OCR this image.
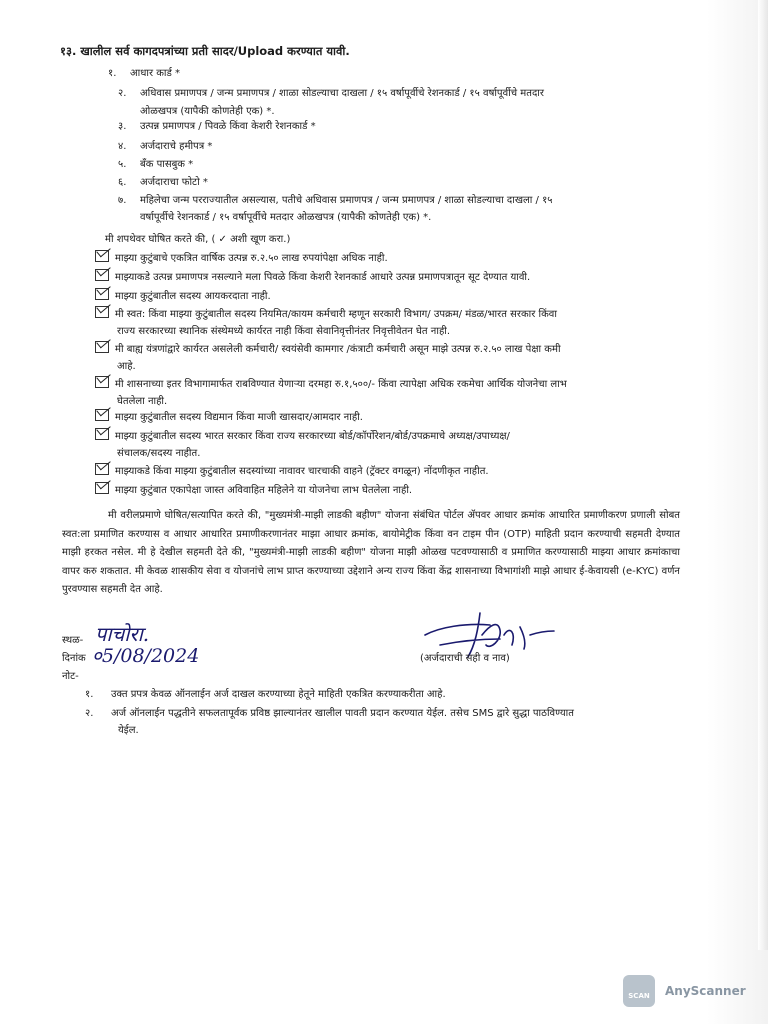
१३. खालील सर्व कागदपत्रांच्या प्रती सादर/Upload करण्यात यावी.
१. आधार कार्ड *
२. अधिवास प्रमाणपत्र / जन्म प्रमाणपत्र / शाळा सोडल्याचा दाखला / १५ वर्षापूर्वीचे रेशनकार्ड / १५ वर्षापूर्वीचे मतदार
ओळखपत्र (यापैकी कोणतेही एक) *.
३. उत्पन्न प्रमाणपत्र / पिवळे किंवा केशरी रेशनकार्ड *
४. अर्जदाराचे हमीपत्र *
५. बँक पासबुक *
६. अर्जदाराचा फोटो *
७. महिलेचा जन्म परराज्यातील असल्यास, पतीचे अधिवास प्रमाणपत्र / जन्म प्रमाणपत्र / शाळा सोडल्याचा दाखला / १५
वर्षापूर्वीचे रेशनकार्ड / १५ वर्षापूर्वीचे मतदार ओळखपत्र (यापैकी कोणतेही एक) *.
मी शपथेवर घोषित करते की, ( ✓ अशी खूण करा.)
माझ्या कुटुंबाचे एकत्रित वार्षिक उत्पन्न रु.२.५० लाख रुपयांपेक्षा अधिक नाही.
माझ्याकडे उत्पन्न प्रमाणपत्र नसल्याने मला पिवळे किंवा केशरी रेशनकार्ड आधारे उत्पन्न प्रमाणपत्रातून सूट देण्यात यावी.
माझ्या कुटुंबातील सदस्य आयकरदाता नाही.
मी स्वत: किंवा माझ्या कुटुंबातील सदस्य नियमित/कायम कर्मचारी म्हणून सरकारी विभाग/ उपक्रम/ मंडळ/भारत सरकार किंवा
राज्य सरकारच्या स्थानिक संस्थेमध्ये कार्यरत नाही किंवा सेवानिवृत्तीनंतर निवृत्तीवेतन घेत नाही.
मी बाह्य यंत्रणांद्वारे कार्यरत असलेली कर्मचारी/ स्वयंसेवी कामगार /कंत्राटी कर्मचारी असून माझे उत्पन्न रु.२.५० लाख पेक्षा कमी
आहे.
मी शासनाच्या इतर विभागामार्फत राबविण्यात येणाऱ्या दरमहा रु.१,५००/- किंवा त्यापेक्षा अधिक रकमेचा आर्थिक योजनेचा लाभ
घेतलेला नाही.
माझ्या कुटुंबातील सदस्य विद्यमान किंवा माजी खासदार/आमदार नाही.
माझ्या कुटुंबातील सदस्य भारत सरकार किंवा राज्य सरकारच्या बोर्ड/कॉर्पोरेशन/बोर्ड/उपक्रमाचे अध्यक्ष/उपाध्यक्ष/
संचालक/सदस्य नाहीत.
माझ्याकडे किंवा माझ्या कुटुंबातील सदस्यांच्या नावावर चारचाकी वाहने (ट्रॅक्टर वगळून) नोंदणीकृत नाहीत.
माझ्या कुटुंबात एकापेक्षा जास्त अविवाहित महिलेने या योजनेचा लाभ घेतलेला नाही.
मी वरीलप्रमाणे घोषित/सत्यापित करते की, "मुख्यमंत्री-माझी लाडकी बहीण" योजना संबंधित पोर्टल ॲपवर आधार क्रमांक आधारित प्रमाणीकरण प्रणाली सोबत स्वत:ला प्रमाणित करण्यास व आधार आधारित प्रमाणीकरणानंतर माझा आधार क्रमांक, बायोमेट्रीक किंवा वन टाइम पीन (OTP) माहिती प्रदान करण्याची सहमती देण्यात माझी हरकत नसेल. मी हे देखील सहमती देते की, "मुख्यमंत्री-माझी लाडकी बहीण" योजना माझी ओळख पटवण्यासाठी व प्रमाणित करण्यासाठी माझ्या आधार क्रमांकाचा वापर करु शकतात. मी केवळ शासकीय सेवा व योजनांचे लाभ प्राप्त करण्याच्या उद्देशाने अन्य राज्य किंवा केंद्र शासनाच्या विभागांशी माझे आधार ई-केवायसी (e-KYC) वर्णन पुरवण्यास सहमती देत आहे.
स्थळ- पाचोरा.
दिनांक ०5/08/2024
नोट-
(अर्जदाराची सही व नाव)
१. उक्त प्रपत्र केवळ ऑनलाईन अर्ज दाखल करण्याच्या हेतूने माहिती एकत्रित करण्याकरीता आहे.
२. अर्ज ऑनलाईन पद्धतीने सफलतापूर्वक प्रविष्ठ झाल्यानंतर खालील पावती प्रदान करण्यात येईल. तसेच SMS द्वारे सुद्धा पाठविण्यात
येईल.
SCAN AnyScanner
